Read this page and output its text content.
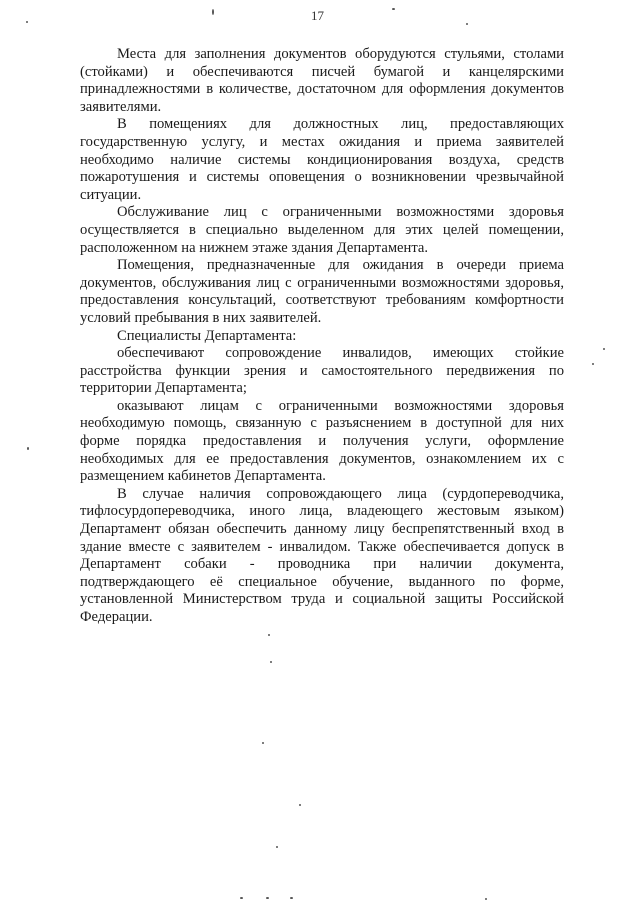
17

Места для заполнения документов оборудуются стульями, столами (стойками) и обеспечиваются писчей бумагой и канцелярскими принадлежностями в количестве, достаточном для оформления документов заявителями.

В помещениях для должностных лиц, предоставляющих государственную услугу, и местах ожидания и приема заявителей необходимо наличие системы кондиционирования воздуха, средств пожаротушения и системы оповещения о возникновении чрезвычайной ситуации.

Обслуживание лиц с ограниченными возможностями здоровья осуществляется в специально выделенном для этих целей помещении, расположенном на нижнем этаже здания Департамента.

Помещения, предназначенные для ожидания в очереди приема документов, обслуживания лиц с ограниченными возможностями здоровья, предоставления консультаций, соответствуют требованиям комфортности условий пребывания в них заявителей.

Специалисты Департамента:

обеспечивают сопровождение инвалидов, имеющих стойкие расстройства функции зрения и самостоятельного передвижения по территории Департамента;

оказывают лицам с ограниченными возможностями здоровья необходимую помощь, связанную с разъяснением в доступной для них форме порядка предоставления и получения услуги, оформление необходимых для ее предоставления документов, ознакомлением их с размещением кабинетов Департамента.

В случае наличия сопровождающего лица (сурдопереводчика, тифлосурдопереводчика, иного лица, владеющего жестовым языком) Департамент обязан обеспечить данному лицу беспрепятственный вход в здание вместе с заявителем - инвалидом. Также обеспечивается допуск в Департамент собаки - проводника при наличии документа, подтверждающего её специальное обучение, выданного по форме, установленной Министерством труда и социальной защиты Российской Федерации.
